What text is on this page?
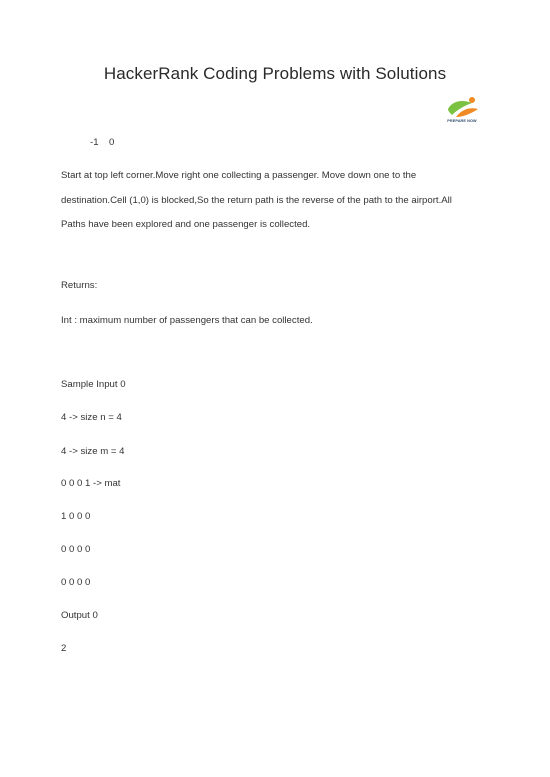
HackerRank Coding Problems with Solutions
PREPARE NOW
-1 0
Start at top left corner.Move right one collecting a passenger. Move down one to the
destination.Cell (1,0) is blocked,So the return path is the reverse of the path to the airport.All
Paths have been explored and one passenger is collected.
Returns:
Int : maximum number of passengers that can be collected.
Sample Input 0
4 -> size n = 4
4 -> size m = 4
0 0 0 1 -> mat
1 0 0 0
0 0 0 0
0 0 0 0
Output 0
2
